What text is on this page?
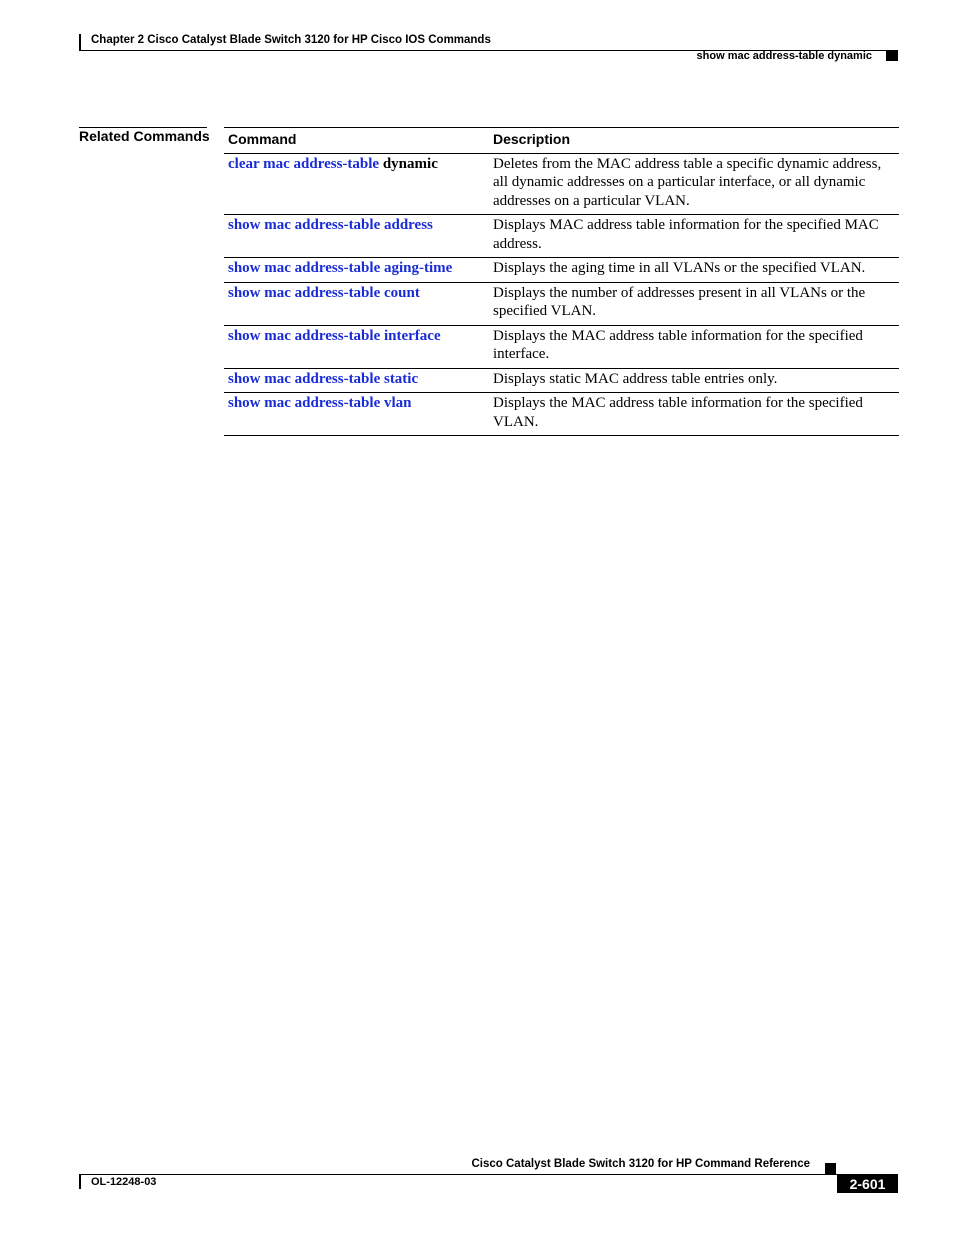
Chapter 2 Cisco Catalyst Blade Switch 3120 for HP Cisco IOS Commands
show mac address-table dynamic
Related Commands Command	Description
clear mac address-table dynamic	Deletes from the MAC address table a specific dynamic address, all dynamic addresses on a particular interface, or all dynamic addresses on a particular VLAN.
show mac address-table address	Displays MAC address table information for the specified MAC address.
show mac address-table aging-time	Displays the aging time in all VLANs or the specified VLAN.
show mac address-table count	Displays the number of addresses present in all VLANs or the specified VLAN.
show mac address-table interface	Displays the MAC address table information for the specified interface.
show mac address-table static	Displays static MAC address table entries only.
show mac address-table vlan	Displays the MAC address table information for the specified VLAN.
Cisco Catalyst Blade Switch 3120 for HP Command Reference
OL-12248-03	2-601
